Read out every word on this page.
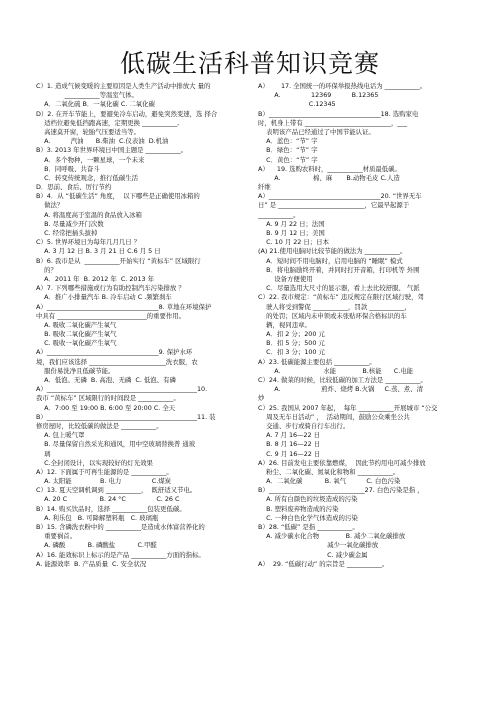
低碳生活科普知识竞赛
C）1. 造成气候变暖的主要原因是人类生产活动中排放大 量的
___________等温室气体。
A．二氧化硫 B．一氧化碳 C. 二氧化碳
D）2. 在开车节能上，要避免冷车启动，避免突然变速，选 择合
适档位避免低挡跑高速，定期更换 ___________,
高速莫开窗，轮胎气压要适当等。
A.          汽油      B.柴油  C.仪表油  D.机油
B）3. 2013 年世界环境日中国主题是 ___________。
A．多个物种，一颗星球，一个未来
B．同呼吸、共奋斗
C．转变传统观念，推行低碳生活
D．思前、食后、厉行节约
B）4．从 “低碳生活” 角度，  以下哪些是正确使用冰箱的
做法？
A. 将温度高于室温的食品放入冰箱
B. 尽量减少开门次数
C. 经常把插头拔掉
C）5. 世界环境日为每年几月几日 ？
A. 3 月 12 日 B. 3 月 21 日 C.6 月 5 日
B）6. 我市是从  ___________开始实行 “黄标车” 区域限行
的？
A．2011 年  B. 2012 年  C. 2013 年
A）7. 下列哪些措施或行为有助控制汽车污染排放 ？
A．推广小排量汽车 B. 冷车启动 C .频繁刹车
A）___________________________________8. 草地在环境保护
中具有 ____________________________的重要作用。
A. 吸收二氧化碳产生氧气
B. 吸收二氧化碳产生氧气
C. 吸收一氧化碳产生氧气
A）___________________________________9. 保护水环
境，我们应该选择 ________________________洗衣服，农
服份易洗净且低碳节能。
A．低泡、无磷  B. 高泡、无磷  C. 低泡、有磷
A）_______________________________________________10.
我市 “黄标车” 区域限行的时间段是 ___________。
A．7:00 至 19:00 B. 6:00 至 20:00 C. 全天
B）_______________________________________________11. 装
修房屋时，比较低碳的做法是 ___________。
A. 包上暖气罩
B. 尽量保留自然采光和通风，用中空玻璃替换普 通玻
璃
C.全封闭设计，以实现较好的灯光效果
A）12. 下面属于可再生能源的是 ___________。
A. 太阳能              B. 电力               C.煤炭
C）13. 夏天空调机调到 ___________，  既舒适又节电。
A. 20 C                B. 24 °C               C. 26 C
B）14. 购买饮品时，选择 ___________包装更低碳。
A. 利乐包   B. 可降解塑料瓶   C. 玻璃瓶
B）15. 含磷洗衣粉中的 ___________是造成水体富营养化的
重要祸首。
A. 磷酸           B. 磷酸盐           C.甲醛
A）16. 能效标识上标示的是产品 ___________方面的指标。
A. 能源效率  B. 产品质量  C. 安全状况
A）      17. 全国统一的环保举报热线电话为 ___________。
A.               12369          B.12365
C.12345
B）___________________________________18. 选购家电
时，机身上带有 ___________________________，___
表明该产品已经通过了中国节能认证。
A．蓝色：“节” 字
B．绿色：“节” 字
C．黄色：“节” 字
A）    19. 选购农料时，___________材质最低碳。
A.                棉、麻       B.动物毛皮 C.人造
纤维
A）___________________________________20. “世界无车
日” 是 ___________________________，它最早起源于
___________。
A. 9 月 22 日；法国
B. 9 月 12 日；美国
C. 10 月 22 日；日本
(A) 21.使用电脑时比较节能的做法为 ___________。
A．短时间不用电脑时，启用电脑的 “睡眠” 模式
B．将电脑励终开着，并同时打开音箱，打印机等 外围
设备方便使用
C．尽量选用大尺寸的显示器，看上去比较舒服、 气派
C）22. 我市规定：“黄标车” 违反规定在限行区域行驶，驾
驶人将受到警促 ___________，罚款 ___________，
的处罚；区域内未申领或未张贴环保合格标识的车
辆，视同违章。
A．扣 2 分；200 元
B．扣 5 分；500 元
C．扣 3 分；100 元
A）23. 低碳能源主要包括 ___________。
A.                     水能             B.核能      C.电能
C）24. 做菜的时候，比较低碳的加工方法是 ___________。
A.                    煎炸、烧烤 B.火锅     C.蒸、煮、清
炒
C）25. 我国从 2007 年起，  每年 ___________开展城市 “公交
周及无车日活动” ，  活动期间，鼓励公众乘坐公共
交通、步行或骑自行车出行。
A. 7 月 16—22 日
B. 8 月 16—22 日
C. 9 月 16—22 日
A）26. 目前发电主要依靠燃煤，  因此节约用电可减少排放
粉尘、二氧化碳、氮氧化和物和 ___________。
A．二氧化碳           B. 氧气          C. 白色污染
B）______________________________27. 白色污染是指 ，
A. 所有白颜色的垃圾造成的污染
B. 塑料废弃物造成的污染
C. 一种白色化学气体造成的污染
B）28. “低碳” 是指 ___________。
A. 减少碳水化合物             B. 减少二氧化碳排放
减少一氧化碳排放
C. 减少碳金属
A）  29. “低碳行动” 的宗旨是 ___________。
